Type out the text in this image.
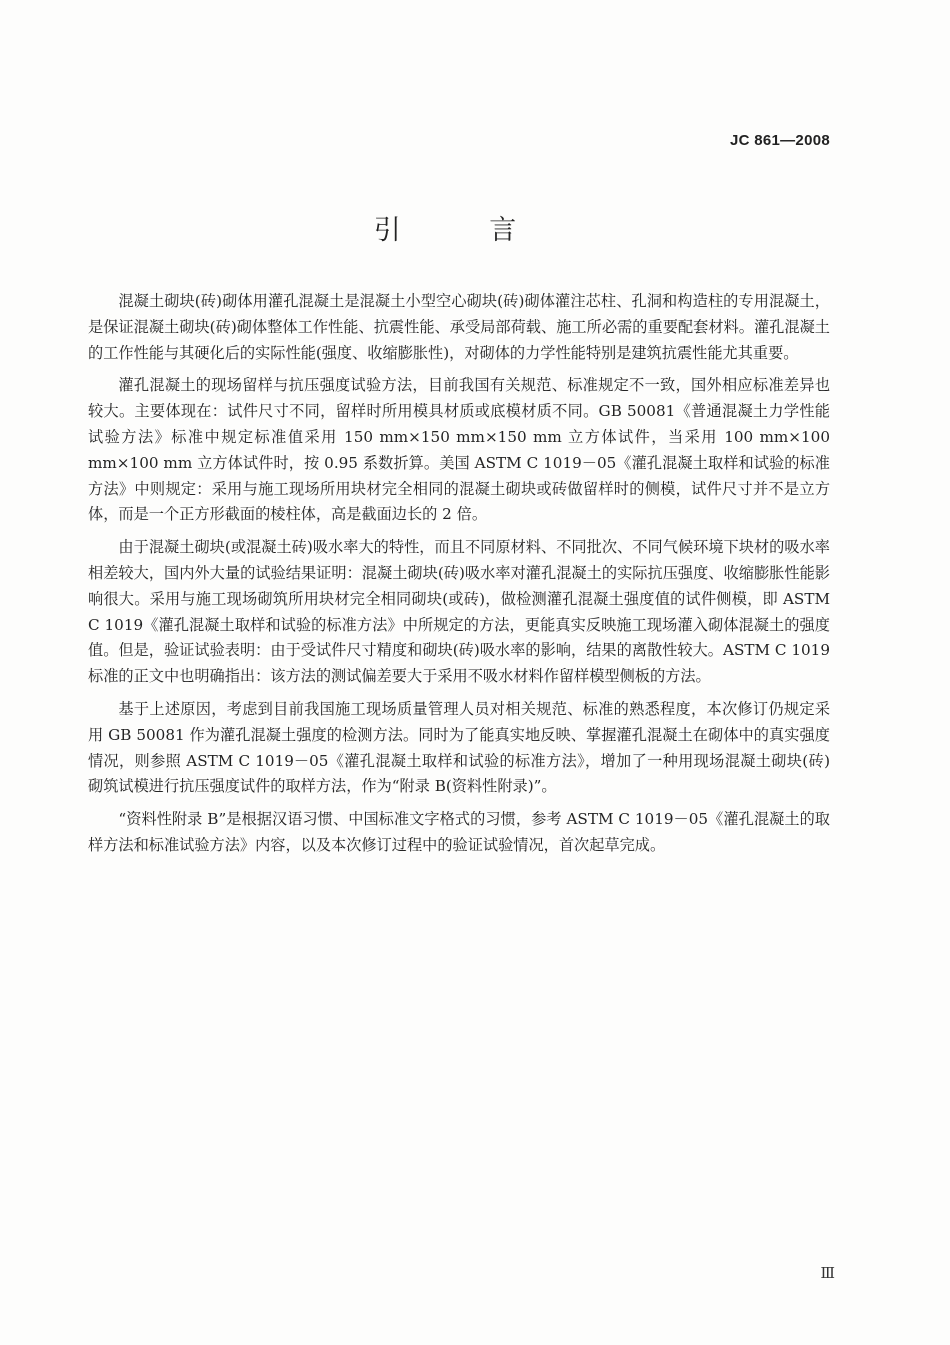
JC 861—2008
引 言

混凝土砌块(砖)砌体用灌孔混凝土是混凝土小型空心砌块(砖)砌体灌注芯柱、孔洞和构造柱的专用混凝土，是保证混凝土砌块(砖)砌体整体工作性能、抗震性能、承受局部荷载、施工所必需的重要配套材料。灌孔混凝土的工作性能与其硬化后的实际性能(强度、收缩膨胀性)，对砌体的力学性能特别是建筑抗震性能尤其重要。

灌孔混凝土的现场留样与抗压强度试验方法，目前我国有关规范、标准规定不一致，国外相应标准差异也较大。主要体现在：试件尺寸不同，留样时所用模具材质或底模材质不同。GB 50081《普通混凝土力学性能试验方法》标准中规定标准值采用 150 mm×150 mm×150 mm 立方体试件，当采用 100 mm×100 mm×100 mm 立方体试件时，按 0.95 系数折算。美国 ASTM C 1019－05《灌孔混凝土取样和试验的标准方法》中则规定：采用与施工现场所用块材完全相同的混凝土砌块或砖做留样时的侧模，试件尺寸并不是立方体，而是一个正方形截面的棱柱体，高是截面边长的 2 倍。

由于混凝土砌块(或混凝土砖)吸水率大的特性，而且不同原材料、不同批次、不同气候环境下块材的吸水率相差较大，国内外大量的试验结果证明：混凝土砌块(砖)吸水率对灌孔混凝土的实际抗压强度、收缩膨胀性能影响很大。采用与施工现场砌筑所用块材完全相同砌块(或砖)，做检测灌孔混凝土强度值的试件侧模，即 ASTM C 1019《灌孔混凝土取样和试验的标准方法》中所规定的方法，更能真实反映施工现场灌入砌体混凝土的强度值。但是，验证试验表明：由于受试件尺寸精度和砌块(砖)吸水率的影响，结果的离散性较大。ASTM C 1019 标准的正文中也明确指出：该方法的测试偏差要大于采用不吸水材料作留样模型侧板的方法。

基于上述原因，考虑到目前我国施工现场质量管理人员对相关规范、标准的熟悉程度，本次修订仍规定采用 GB 50081 作为灌孔混凝土强度的检测方法。同时为了能真实地反映、掌握灌孔混凝土在砌体中的真实强度情况，则参照 ASTM C 1019－05《灌孔混凝土取样和试验的标准方法》，增加了一种用现场混凝土砌块(砖)砌筑试模进行抗压强度试件的取样方法，作为“附录 B(资料性附录)”。

“资料性附录 B”是根据汉语习惯、中国标准文字格式的习惯，参考 ASTM C 1019－05《灌孔混凝土的取样方法和标准试验方法》内容，以及本次修订过程中的验证试验情况，首次起草完成。

Ⅲ
